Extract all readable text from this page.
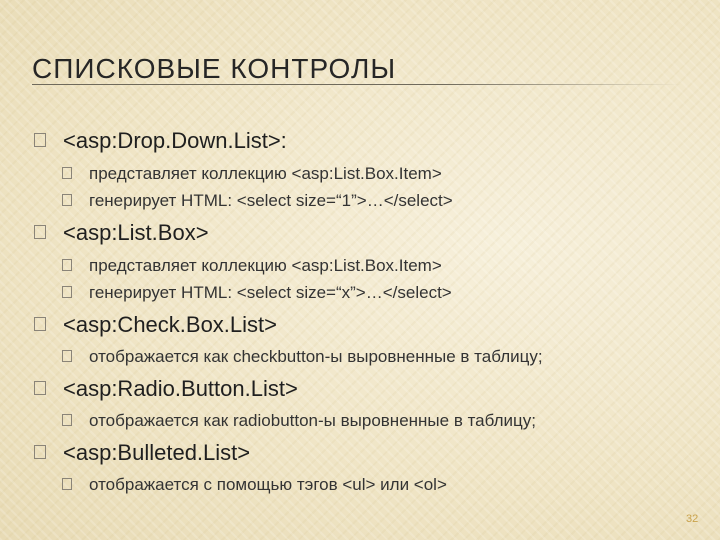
СПИСКОВЫЕ КОНТРОЛЫ
<asp:Drop.Down.List>:
представляет коллекцию <asp:List.Box.Item>
генерирует HTML: <select size=“1”>…</select>
<asp:List.Box>
представляет коллекцию <asp:List.Box.Item>
генерирует HTML: <select size=“x”>…</select>
<asp:Check.Box.List>
отображается как checkbutton-ы выровненные в таблицу;
<asp:Radio.Button.List>
отображается как radiobutton-ы выровненные в таблицу;
<asp:Bulleted.List>
отображается с помощью тэгов <ul> или <ol>
32
